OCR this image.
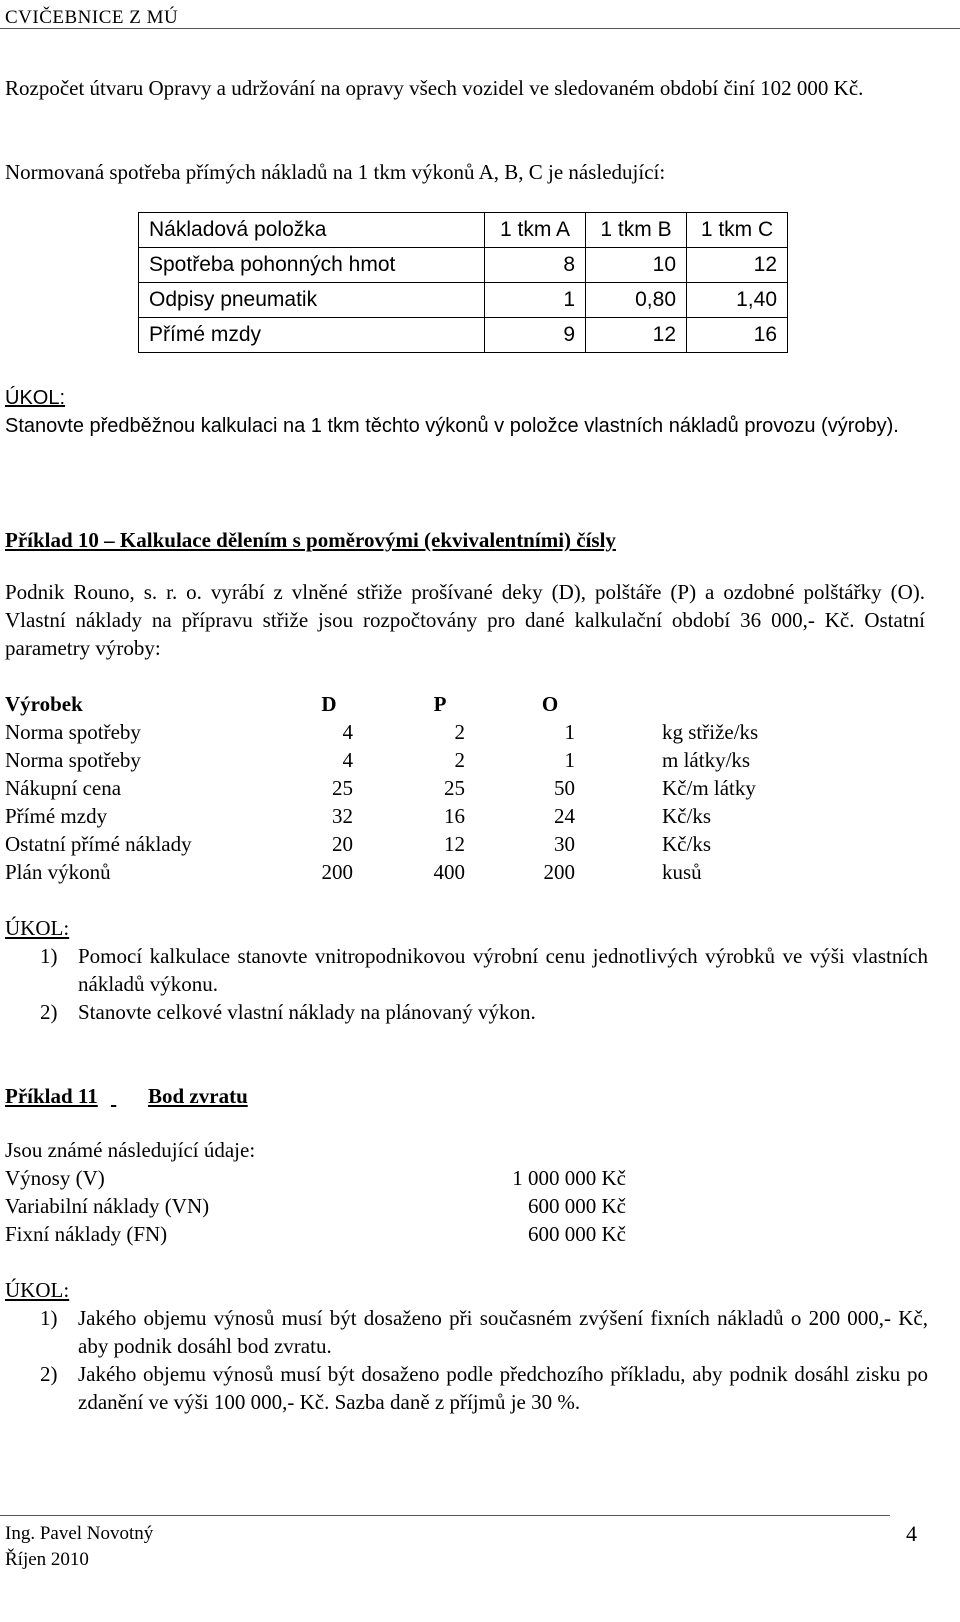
CVIČEBNICE Z MÚ
Rozpočet útvaru Opravy a udržování na opravy všech vozidel ve sledovaném období činí 102 000 Kč.
Normovaná spotřeba přímých nákladů na 1 tkm výkonů A, B, C je následující:
Nákladová položka	1 tkm A	1 tkm B	1 tkm C
Spotřeba pohonných hmot	8	10	12
Odpisy pneumatik	1	0,80	1,40
Přímé mzdy	9	12	16
ÚKOL:
Stanovte předběžnou kalkulaci na 1 tkm těchto výkonů v položce vlastních nákladů provozu (výroby).
Příklad 10 – Kalkulace dělením s poměrovými (ekvivalentními) čísly
Podnik Rouno, s. r. o. vyrábí z vlněné střiže prošívané deky (D), polštáře (P) a ozdobné polštářky (O). Vlastní náklady na přípravu střiže jsou rozpočtovány pro dané kalkulační období 36 000,- Kč. Ostatní parametry výroby:
Výrobek	D	P	O
Norma spotřeby	4	2	1	kg střiže/ks
Norma spotřeby	4	2	1	m látky/ks
Nákupní cena	25	25	50	Kč/m látky
Přímé mzdy	32	16	24	Kč/ks
Ostatní přímé náklady	20	12	30	Kč/ks
Plán výkonů	200	400	200	kusů
ÚKOL:
1) Pomocí kalkulace stanovte vnitropodnikovou výrobní cenu jednotlivých výrobků ve výši vlastních nákladů výkonu.
2) Stanovte celkové vlastní náklady na plánovaný výkon.
Příklad 11
Bod zvratu
Jsou známé následující údaje:
Výnosy (V)	1 000 000 Kč
Variabilní náklady (VN)	600 000 Kč
Fixní náklady (FN)	600 000 Kč
ÚKOL:
1) Jakého objemu výnosů musí být dosaženo při současném zvýšení fixních nákladů o 200 000,- Kč, aby podnik dosáhl bod zvratu.
2) Jakého objemu výnosů musí být dosaženo podle předchozího příkladu, aby podnik dosáhl zisku po zdanění ve výši 100 000,- Kč. Sazba daně z příjmů je 30 %.
Ing. Pavel Novotný
Říjen 2010
4
